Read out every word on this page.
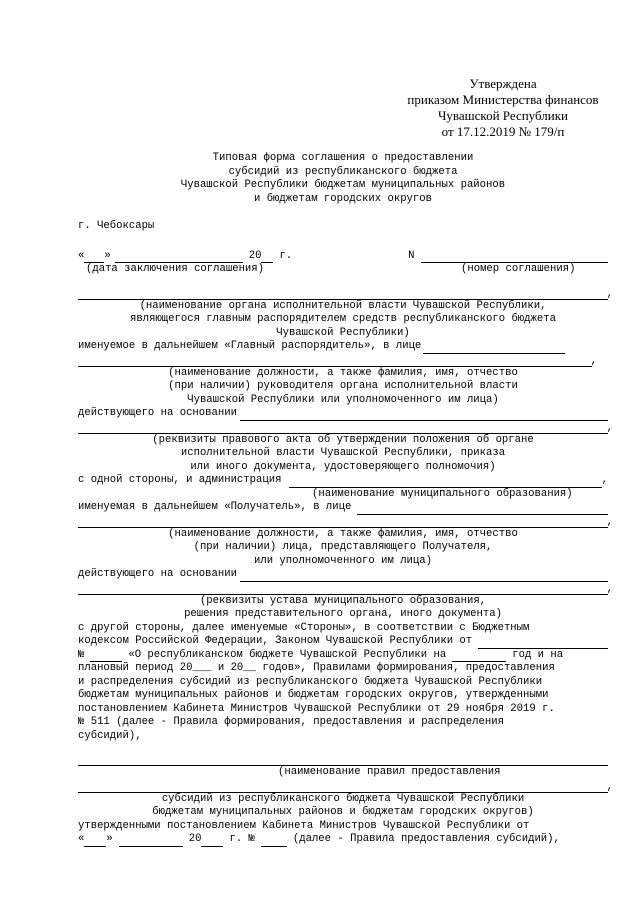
Утверждена
приказом Министерства финансов
Чувашской Республики
от 17.12.2019 № 179/п
Типовая форма соглашения о предоставлении
субсидий из республиканского бюджета
Чувашской Республики бюджетам муниципальных районов
и бюджетам городских округов
г. Чебоксары
« »	20 г.	N
(дата заключения соглашения)	(номер соглашения)
,
(наименование органа исполнительной власти Чувашской Республики,
являющегося главным распорядителем средств республиканского бюджета
Чувашской Республики)
именуемое в дальнейшем «Главный распорядитель», в лице
,
(наименование должности, а также фамилия, имя, отчество
(при наличии) руководителя органа исполнительной власти
Чувашской Республики или уполномоченного им лица)
действующего на основании
,
(реквизиты правового акта об утверждении положения об органе
исполнительной власти Чувашской Республики, приказа
или иного документа, удостоверяющего полномочия)
с одной стороны, и администрация	,
(наименование муниципального образования)
именуемая в дальнейшем «Получатель», в лице
,
(наименование должности, а также фамилия, имя, отчество
(при наличии) лица, представляющего Получателя,
или уполномоченного им лица)
действующего на основании
,
(реквизиты устава муниципального образования,
решения представительного органа, иного документа)
с другой стороны, далее именуемые «Стороны», в соответствии с Бюджетным
кодексом Российской Федерации, Законом Чувашской Республики от
№	«О республиканском бюджете Чувашской Республики на	год и на
плановый период 20___ и 20__ годов», Правилами формирования, предоставления
и распределения субсидий из республиканского бюджета Чувашской Республики
бюджетам муниципальных районов и бюджетам городских округов, утвержденными
постановлением Кабинета Министров Чувашской Республики от 29 ноября 2019 г.
№ 511 (далее - Правила формирования, предоставления и распределения
субсидий),
(наименование правил предоставления
,
субсидий из республиканского бюджета Чувашской Республики
бюджетам муниципальных районов и бюджетам городских округов)
утвержденными постановлением Кабинета Министров Чувашской Республики от
« »	20	г. №	(далее - Правила предоставления субсидий),
